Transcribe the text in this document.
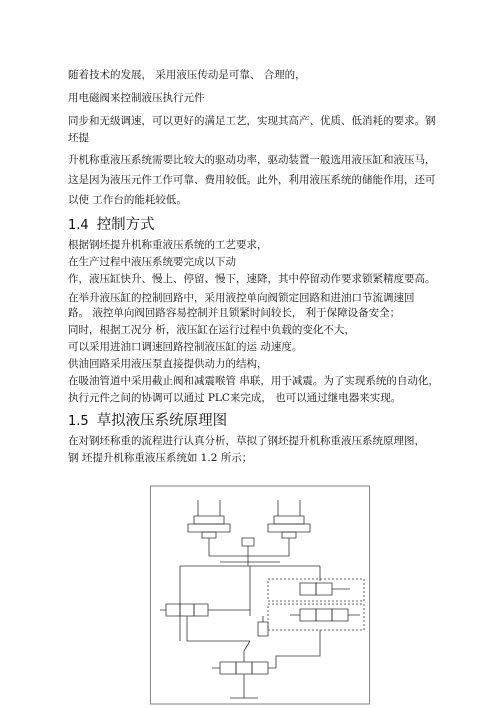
随着技术的发展， 采用液压传动是可靠、 合理的，
用电磁阀来控制液压执行元件
同步和无级调速，可以更好的满足工艺，实现其高产、优质、低消耗的要求。钢
坯提
升机称重液压系统需要比较大的驱动功率，驱动装置一般选用液压缸和液压马，
这是因为液压元件工作可靠、费用较低。此外，利用液压系统的储能作用，还可
以使 工作台的能耗较低。
1.4 控制方式
根据钢坯提升机称重液压系统的工艺要求，
在生产过程中液压系统要完成以下动
作，液压缸快升、慢上、停留、慢下，速降，其中停留动作要求锁紧精度要高。
在举升液压缸的控制回路中，采用液控单向阀锁定回路和进油口节流调速回
路。 液控单向阀回路容易控制并且锁紧时间较长， 利于保障设备安全；
同时，根据工况分 析，液压缸在运行过程中负载的变化不大，
可以采用进油口调速回路控制液压缸的运 动速度。
供油回路采用液压泵直接提供动力的结构，
在吸油管道中采用截止阀和减震喉管 串联，用于减震。为了实现系统的自动化，
执行元件之间的协调可以通过 PLC来完成， 也可以通过继电器来实现。
1.5 草拟液压系统原理图
在对钢坯称重的流程进行认真分析，草拟了钢坯提升机称重液压系统原理图，
钢 坯提升机称重液压系统如 1.2 所示；
